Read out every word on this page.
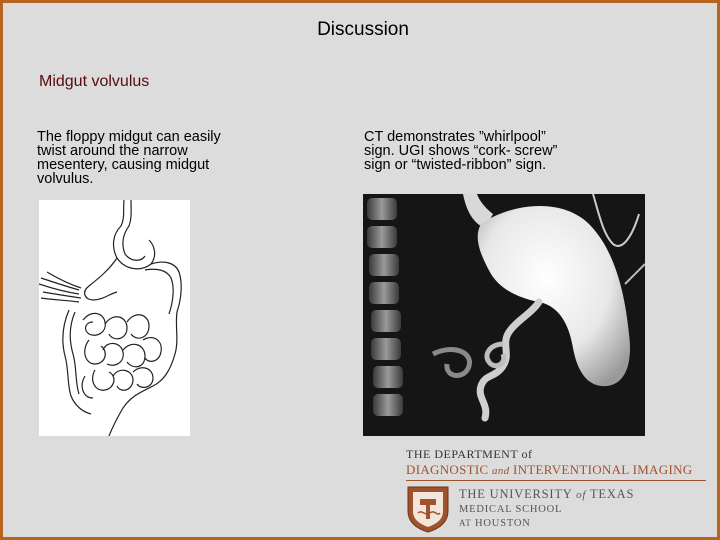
Discussion
Midgut volvulus
The floppy midgut can easily
twist around the narrow
mesentery, causing midgut
volvulus.
CT demonstrates ”whirlpool”
sign. UGI shows “cork- screw”
sign or “twisted-ribbon” sign.
THE DEPARTMENT of
DIAGNOSTIC and INTERVENTIONAL IMAGING
THE UNIVERSITY of TEXAS
MEDICAL SCHOOL
AT HOUSTON
